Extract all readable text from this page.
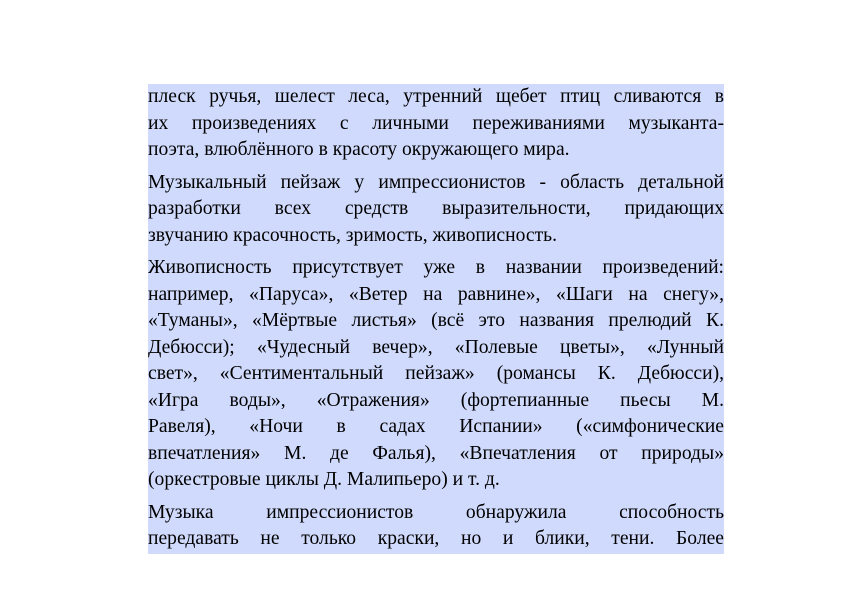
плеск ручья, шелест леса, утренний щебет птиц сливаются в
их произведениях с личными переживаниями музыканта-
поэта, влюблённого в красоту окружающего мира.

Музыкальный пейзаж у импрессионистов - область детальной
разработки всех средств выразительности, придающих
звучанию красочность, зримость, живописность.

Живописность присутствует уже в названии произведений:
например, «Паруса», «Ветер на равнине», «Шаги на снегу»,
«Туманы», «Мёртвые листья» (всё это названия прелюдий К.
Дебюсси); «Чудесный вечер», «Полевые цветы», «Лунный
свет», «Сентиментальный пейзаж» (романсы К. Дебюсси),
«Игра воды», «Отражения» (фортепианные пьесы М.
Равеля), «Ночи в садах Испании» («симфонические
впечатления» М. де Фалья), «Впечатления от природы»
(оркестровые циклы Д. Малипьеро) и т. д.

Музыка импрессионистов обнаружила способность
передавать не только краски, но и блики, тени. Более
